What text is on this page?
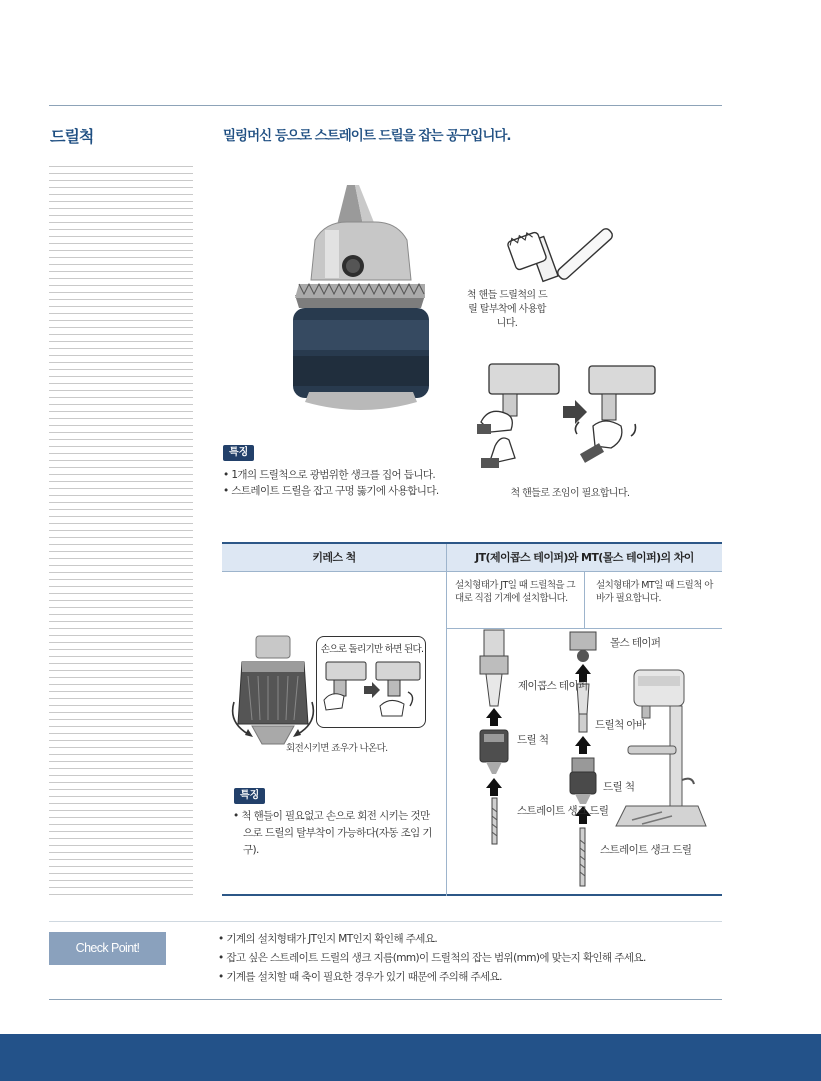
드릴척	밀링머신 등으로 스트레이트 드릴을 잡는 공구입니다.
척 핸들 드릴척의 드릴 탈부착에 사용합니다.
척 핸들로 조임이 필요합니다.
특징
• 1개의 드릴척으로 광범위한 생크를 집어 듭니다.
• 스트레이트 드릴을 잡고 구멍 뚫기에 사용합니다.
키레스 척	JT(제이콥스 테이퍼)와 MT(몰스 테이퍼)의 차이
설치형태가 JT일 때 드릴척을 그대로 직접 기계에 설치합니다.
설치형태가 MT일 때 드릴척 아바가 필요합니다.
손으로 돌리기만 하면 된다.
회전시키면 죠우가 나온다.
특징
• 척 핸들이 필요없고 손으로 회전 시키는 것만으로 드릴의 탈부착이 가능하다(자동 조임 기구).
제이콥스 테이퍼
드릴 척
스트레이트 생크 드릴
몰스 테이퍼
드릴척 아바
드릴 척
스트레이트 생크 드릴
Check Point!
• 기계의 설치형태가 JT인지 MT인지 확인해 주세요.
• 잡고 싶은 스트레이트 드릴의 생크 지름(mm)이 드릴척의 잡는 범위(mm)에 맞는지 확인해 주세요.
• 기계를 설치할 때 축이 필요한 경우가 있기 때문에 주의해 주세요.
